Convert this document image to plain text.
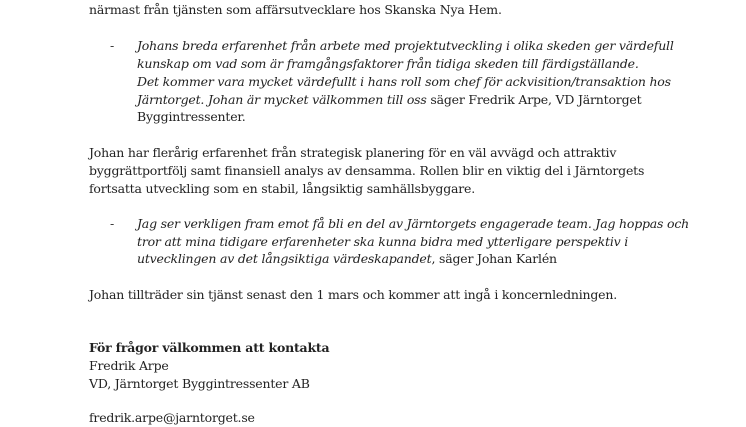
närmast från tjänsten som affärsutvecklare hos Skanska Nya Hem.
- Johans breda erfarenhet från arbete med projektutveckling i olika skeden ger värdefull
kunskap om vad som är framgångsfaktorer från tidiga skeden till färdigställande.
Det kommer vara mycket värdefullt i hans roll som chef för ackvisition/transaktion hos
Järntorget. Johan är mycket välkommen till oss säger Fredrik Arpe, VD Järntorget
Byggintressenter.
Johan har flerårig erfarenhet från strategisk planering för en väl avvägd och attraktiv
byggrättportfölj samt finansiell analys av densamma. Rollen blir en viktig del i Järntorgets
fortsatta utveckling som en stabil, långsiktig samhällsbyggare.
- Jag ser verkligen fram emot få bli en del av Järntorgets engagerade team. Jag hoppas och
tror att mina tidigare erfarenheter ska kunna bidra med ytterligare perspektiv i
utvecklingen av det långsiktiga värdeskapandet, säger Johan Karlén
Johan tillträder sin tjänst senast den 1 mars och kommer att ingå i koncernledningen.
För frågor välkommen att kontakta
Fredrik Arpe
VD, Järntorget Byggintressenter AB
fredrik.arpe@jarntorget.se
